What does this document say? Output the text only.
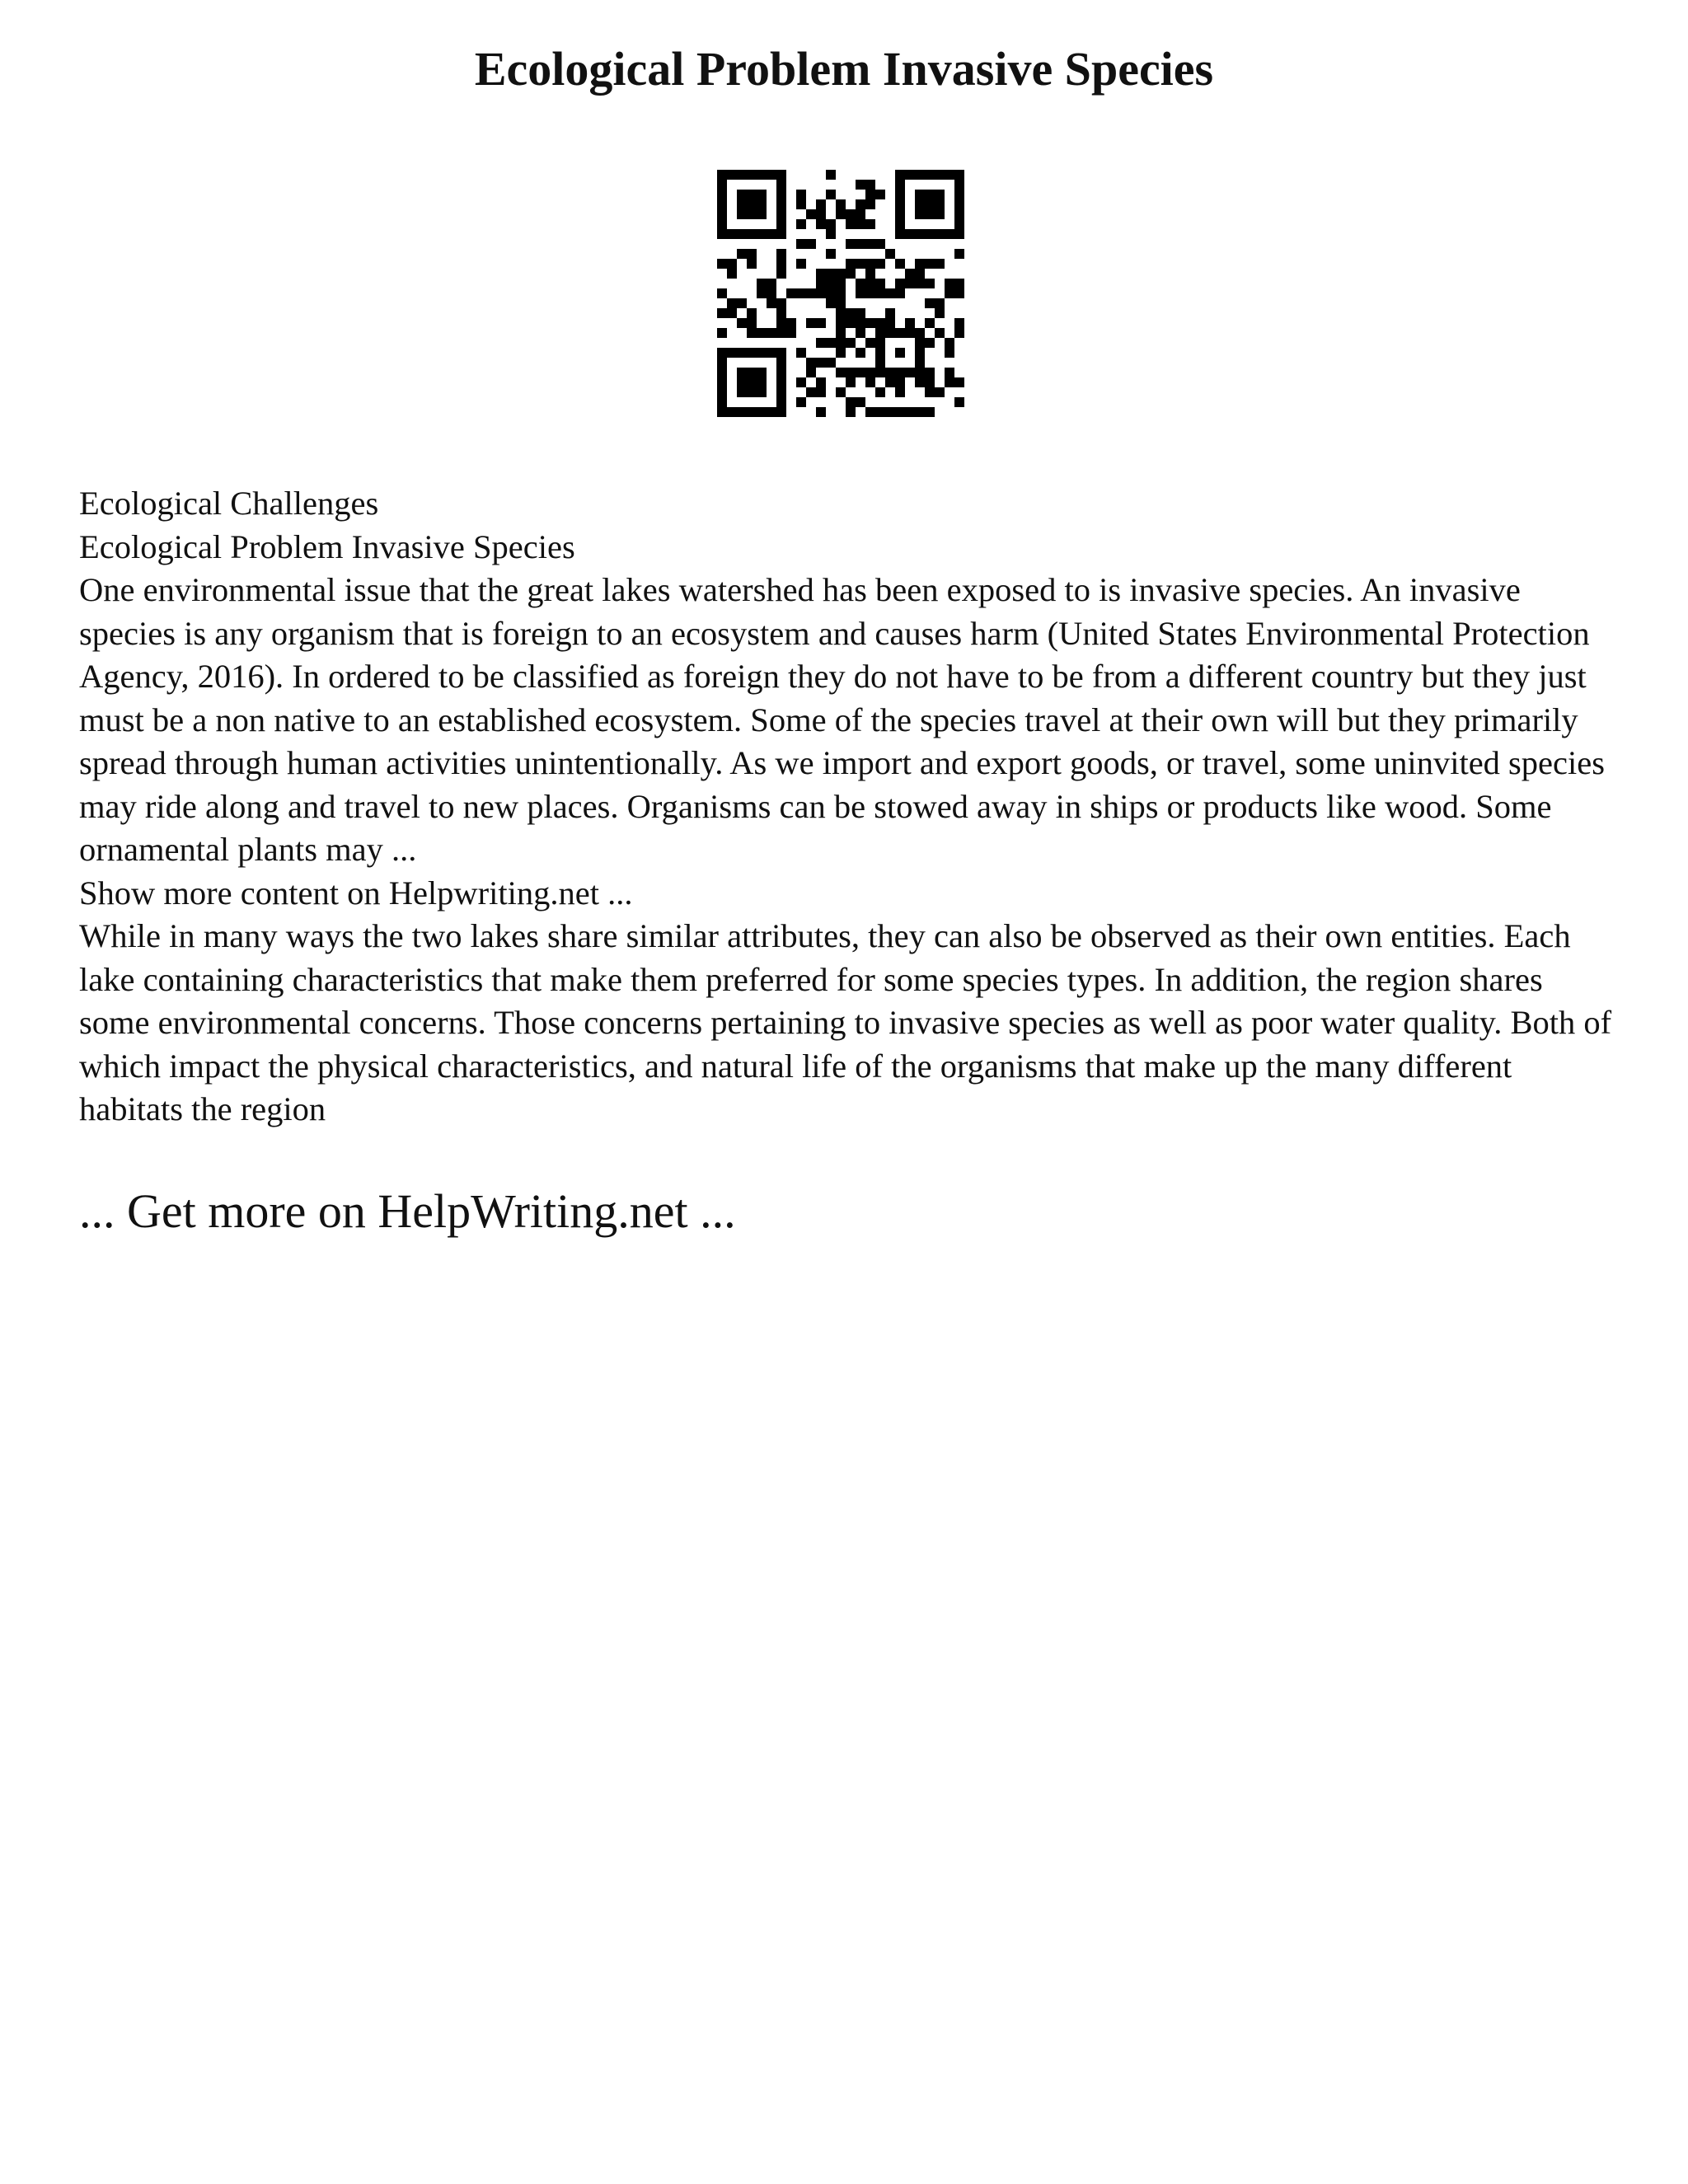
Ecological Problem Invasive Species

Ecological Challenges

Ecological Problem Invasive Species

One environmental issue that the great lakes watershed has been exposed to is invasive species. An invasive species is any organism that is foreign to an ecosystem and causes harm (United States Environmental Protection Agency, 2016). In ordered to be classified as foreign they do not have to be from a different country but they just must be a non native to an established ecosystem. Some of the species travel at their own will but they primarily spread through human activities unintentionally. As we import and export goods, or travel, some uninvited species may ride along and travel to new places. Organisms can be stowed away in ships or products like wood. Some ornamental plants may ...

Show more content on Helpwriting.net ...

While in many ways the two lakes share similar attributes, they can also be observed as their own entities. Each lake containing characteristics that make them preferred for some species types. In addition, the region shares some environmental concerns. Those concerns pertaining to invasive species as well as poor water quality. Both of which impact the physical characteristics, and natural life of the organisms that make up the many different habitats the region

... Get more on HelpWriting.net ...
